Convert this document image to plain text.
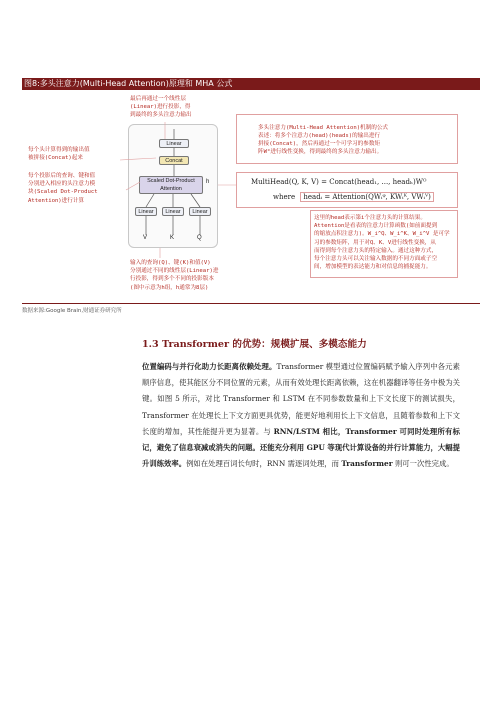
图8:多头注意力(Multi-Head Attention)原理和 MHA 公式
Linear
Concat
Scaled Dot-Product
Attention
h
Linear	Linear	Linear
V	K	Q
最后再通过一个线性层
(Linear)进行投影，得
到最终的多头注意力输出
每个头计算得到的输出值
被拼接(Concat)起来
每个投影后的查询、键和值
分别进入相应的头注意力模
块(Scaled Dot-Product
Attention)进行计算
输入的查询(Q)、键(K)和值(V)
分别通过不同的线性层(Linear)进
行投影，得到多个不同的投影版本
(图中示意为h组，h通常为8层)
多头注意力(Multi-Head Attention)机制的公式
表述：将多个注意力(head)(heads)的输出进行
拼接(Concat)，然后再通过一个可学习的参数矩
阵W°进行线性变换，得到最终的多头注意力输出。
MultiHead(Q, K, V) = Concat(head₁, ..., headₕ)Wᴼ
where headᵢ = Attention(QWᵢᵠ, KWᵢᴷ, VWᵢⱽ)
这里的head表示第i个注意力头的计算结果。
Attention是看表的注意力计算函数(如前面提到
的缩放点积注意力)。W_i^Q、W_i^K、W_i^V 是可学
习的参数矩阵，用于对Q、K、V进行线性变换，从
而得到每个注意力头的特定输入。通过这种方式，
每个注意力头可以关注输入数据的不同方面或子空
间，增加模型的表达能力和对信息的捕捉能力。
数据来源:Google Brain,财通证券研究所
1.3 Transformer 的优势：规模扩展、多模态能力
位置编码与并行化助力长距离依赖处理。Transformer 模型通过位置编码赋予输入序列中各元素顺序信息，使其能区分不同位置的元素，从而有效处理长距离依赖，这在机器翻译等任务中极为关键。如图 5 所示，对比 Transformer 和 LSTM 在不同参数数量和上下文长度下的测试损失，Transformer 在处理长上下文方面更具优势，能更好地利用长上下文信息，且随着参数和上下文长度的增加，其性能提升更为显著。与 RNN/LSTM 相比，Transformer 可同时处理所有标记，避免了信息衰减或消失的问题。还能充分利用 GPU 等现代计算设备的并行计算能力，大幅提升训练效率。例如在处理百词长句时，RNN 需逐词处理，而 Transformer 则可一次性完成。
